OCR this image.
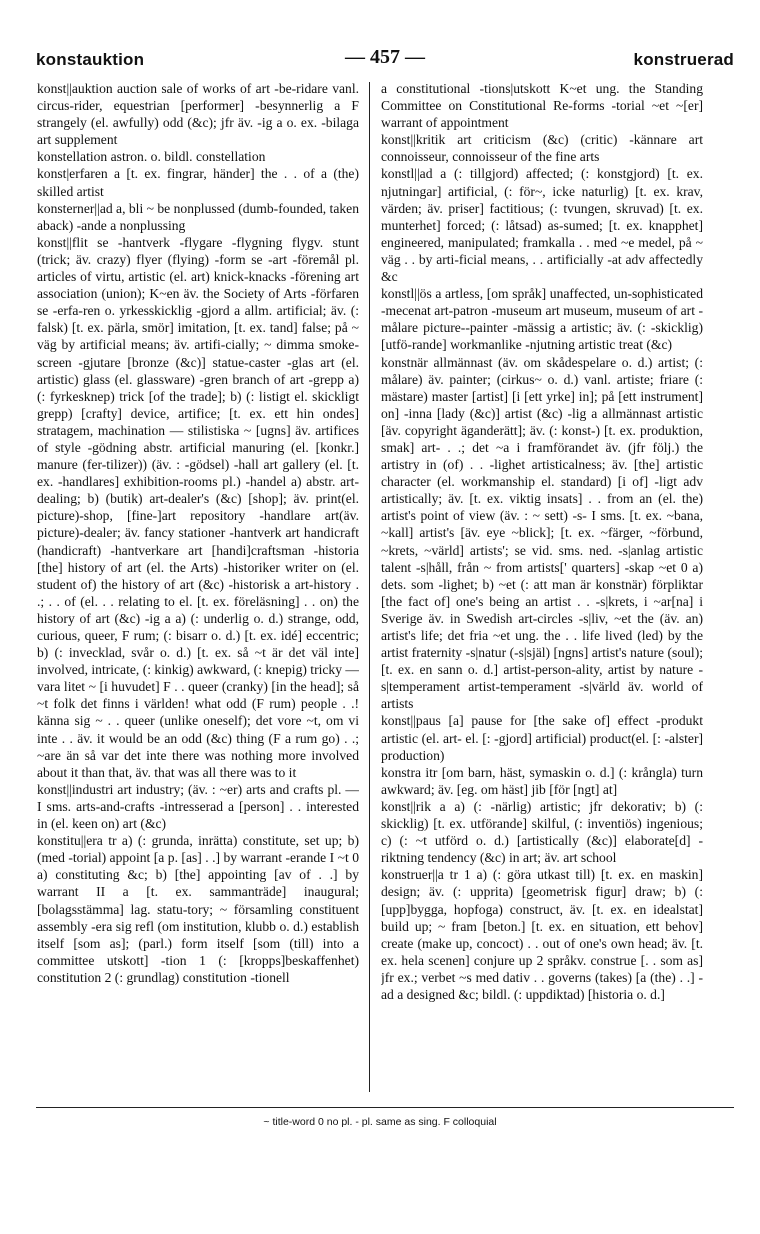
konstauktion	— 457 —	konstruerad

konst||auktion auction sale of works of art -be-ridare vanl. circus-rider, equestrian [performer] -besynnerlig a F strangely (el. awfully) odd (&c); jfr äv. -ig a o. ex. -bilaga art supplement

konstellation astron. o. bildl. constellation

konst|erfaren a [t. ex. fingrar, händer] the . . of a (the) skilled artist

konsterner||ad a, bli ~ be nonplussed (dumb-founded, taken aback) -ande a nonplussing

konst||flit se -hantverk -flygare -flygning flygv. stunt (trick; äv. crazy) flyer (flying) -form se -art -föremål pl. articles of virtu, artistic (el. art) knick-knacks -förening art association (union); K~en äv. the Society of Arts -förfaren se -erfa-ren o. yrkesskicklig -gjord a allm. artificial; äv. (: falsk) [t. ex. pärla, smör] imitation, [t. ex. tand] false; på ~ väg by artificial means; äv. artifi-cially; ~ dimma smoke-screen -gjutare [bronze (&c)] statue-caster -glas art (el. artistic) glass (el. glassware) -gren branch of art -grepp a) (: fyrkesknep) trick [of the trade]; b) (: listigt el. skickligt grepp) [crafty] device, artifice; [t. ex. ett hin ondes] stratagem, machination — stilistiska ~ [ugns] äv. artifices of style -gödning abstr. artificial manuring (el. [konkr.] manure (fer-tilizer)) (äv. : -gödsel) -hall art gallery (el. [t. ex. -handlares] exhibition-rooms pl.) -handel a) abstr. art-dealing; b) (butik) art-dealer's (&c) [shop]; äv. print(el. picture)-shop, [fine-]art repository -handlare art(äv. picture)-dealer; äv. fancy stationer -hantverk art handicraft (handicraft) -hantverkare art [handi]craftsman -historia [the] history of art (el. the Arts) -historiker writer on (el. student of) the history of art (&c) -historisk a art-history . .; . . of (el. . . relating to el. [t. ex. föreläsning] . . on) the history of art (&c) -ig a a) (: underlig o. d.) strange, odd, curious, queer, F rum; (: bisarr o. d.) [t. ex. idé] eccentric; b) (: invecklad, svår o. d.) [t. ex. så ~t är det väl inte] involved, intricate, (: kinkig) awkward, (: knepig) tricky — vara litet ~ [i huvudet] F . . queer (cranky) [in the head]; så ~t folk det finns i världen! what odd (F rum) people . .! känna sig ~ . . queer (unlike oneself); det vore ~t, om vi inte . . äv. it would be an odd (&c) thing (F a rum go) . .; ~are än så var det inte there was nothing more involved about it than that, äv. that was all there was to it

konst||industri art industry; (äv. : ~er) arts and crafts pl. — I sms. arts-and-crafts -intresserad a [person] . . interested in (el. keen on) art (&c)

konstitu||era tr a) (: grunda, inrätta) constitute, set up; b) (med -torial) appoint [a p. [as] . .] by warrant -erande I ~t 0 a) constituting &c; b) [the] appointing [av of . .] by warrant II a [t. ex. sammanträde] inaugural; [bolagsstämma] lag. statu-tory; ~ församling constituent assembly -era sig refl (om institution, klubb o. d.) establish itself [som as]; (parl.) form itself [som (till) into a committee utskott] -tion 1 (: [kropps]beskaffenhet) constitution 2 (: grundlag) constitution -tionell

a constitutional -tions|utskott K~et ung. the Standing Committee on Constitutional Re-forms -torial ~et ~[er] warrant of appointment

konst||kritik art criticism (&c) (critic) -kännare art connoisseur, connoisseur of the fine arts

konstl||ad a (: tillgjord) affected; (: konstgjord) [t. ex. njutningar] artificial, (: för~, icke naturlig) [t. ex. krav, värden; äv. priser] factitious; (: tvungen, skruvad) [t. ex. munterhet] forced; (: låtsad) as-sumed; [t. ex. knapphet] engineered, manipulated; framkalla . . med ~e medel, på ~ väg . . by arti-ficial means, . . artificially -at adv affectedly &c

konstl||ös a artless, [om språk] unaffected, un-sophisticated -mecenat art-patron -museum art museum, museum of art -målare picture--painter -mässig a artistic; äv. (: -skicklig) [utfö-rande] workmanlike -njutning artistic treat (&c)

konstnär allmännast (äv. om skådespelare o. d.) artist; (: målare) äv. painter; (cirkus~ o. d.) vanl. artiste; friare (: mästare) master [artist] [i [ett yrke] in]; på [ett instrument] on] -inna [lady (&c)] artist (&c) -lig a allmännast artistic [äv. copyright äganderätt]; äv. (: konst-) [t. ex. produktion, smak] art- . .; det ~a i framförandet äv. (jfr följ.) the artistry in (of) . . -lighet artisticalness; äv. [the] artistic character (el. workmanship el. standard) [i of] -ligt adv artistically; äv. [t. ex. viktig insats] . . from an (el. the) artist's point of view (äv. : ~ sett) -s- I sms. [t. ex. ~bana, ~kall] artist's [äv. eye ~blick]; [t. ex. ~färger, ~förbund, ~krets, ~värld] artists'; se vid. sms. ned. -s|anlag artistic talent -s|håll, från ~ from artists[' quarters] -skap ~et 0 a) dets. som -lighet; b) ~et (: att man är konstnär) förpliktar [the fact of] one's being an artist . . -s|krets, i ~ar[na] i Sverige äv. in Swedish art-circles -s|liv, ~et the (äv. an) artist's life; det fria ~et ung. the . . life lived (led) by the artist fraternity -s|natur (-s|själ) [ngns] artist's nature (soul); [t. ex. en sann o. d.] artist-person-ality, artist by nature -s|temperament artist-temperament -s|värld äv. world of artists

konst||paus [a] pause for [the sake of] effect -produkt artistic (el. art- el. [: -gjord] artificial) product(el. [: -alster] production)

konstra itr [om barn, häst, symaskin o. d.] (: krångla) turn awkward; äv. [eg. om häst] jib [för [ngt] at]

konst||rik a a) (: -närlig) artistic; jfr dekorativ; b) (: skicklig) [t. ex. utförande] skilful, (: inventiös) ingenious; c) (: ~t utförd o. d.) [artistically (&c)] elaborate[d] -riktning tendency (&c) in art; äv. art school

konstruer||a tr 1 a) (: göra utkast till) [t. ex. en maskin] design; äv. (: uppritа) [geometrisk figur] draw; b) (: [upp]bygga, hopfoga) construct, äv. [t. ex. en idealstat] build up; ~ fram [beton.] [t. ex. en situation, ett behov] create (make up, concoct) . . out of one's own head; äv. [t. ex. hela scenen] conjure up 2 språkv. construe [. . som as] jfr ex.; verbet ~s med dativ . . governs (takes) [a (the) . .] -ad a designed &c; bildl. (: uppdiktad) [historia o. d.]

~ title-word 0 no pl. - pl. same as sing. F colloquial
